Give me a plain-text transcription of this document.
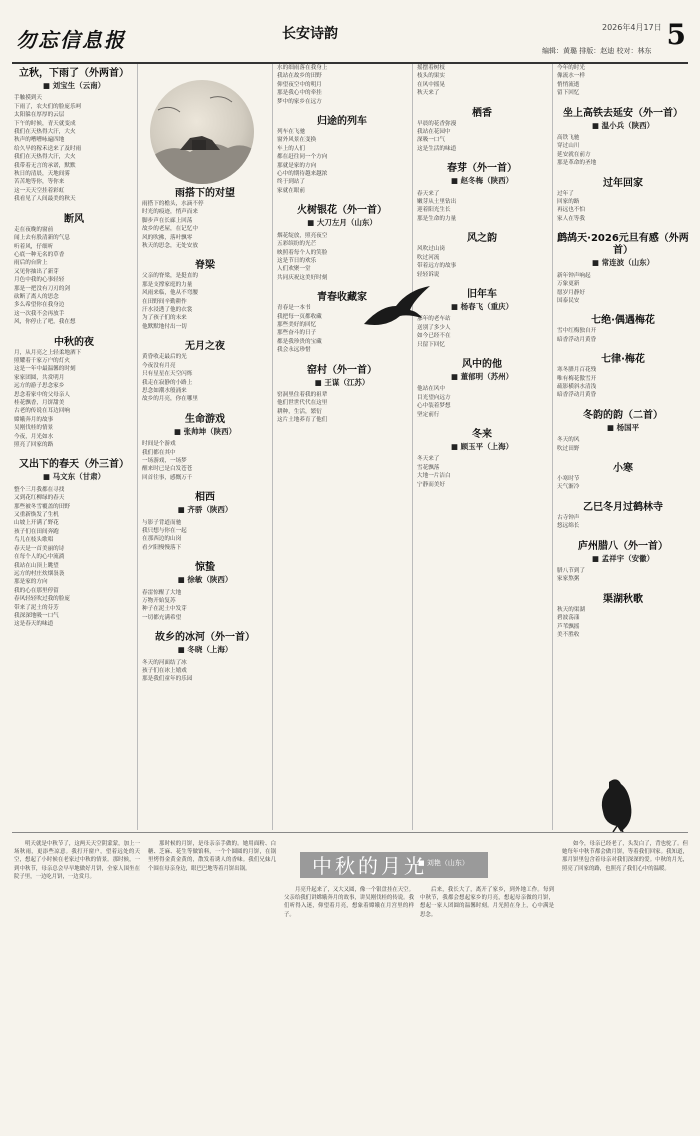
勿忘信息报	长安诗韵	2026年4月17日 5
编辑：黄璐 排版：赵迪 校对：林东
立秋，下雨了（外两首）
■ 刘宝生（云南）
手触摸到天
下雨了，农夫们的脸庞乐呵
太阳躲在厚厚的云层
下午的时候，青天就变成
我们在天热得大汗，大火
秋声的嘈嘈咏遍四地
给久旱的稼禾送来了及时雨
我们在天热得大汗，大火
我带着无言的承诺，默默
秋日的清晨，天地间雾
苦苦地等你，等你来
这一天天空挂着彩虹
我看见了人间最美的秋天
断风
走在夜晚的窗前
闻上去有股清新的气息
听着风，仔细听
心底一种无名的草香
雨后的台阶上
又见你抽出了新芽
月色中我的心事轻轻
那是一把没有刀刃的剑
砍断了离人的思念
多么希望你在我身边
这一次我不会再放手
风，你停止了吧，我在想
中秋的夜
月，从月亮之上轻柔地洒下
照耀着千家万户的灯火
这是一年中最温馨的时刻
家家团圆，共赏明月
远方的游子思念家乡
思念着家中的父母亲人
桂花飘香，月饼甜美
古老的传说在耳边回响
嫦娥奔月的故事
吴刚伐桂的情景
今夜，月光如水
照亮了回家的路
又出下的春天（外三首）
■ 马文东（甘肃）
整个三月我都在寻找
又到花红柳绿的春天
那些被冬雪覆盖的田野
又重新焕发了生机
山坡上开满了野花
孩子们在田间奔跑
鸟儿在枝头歌唱
春天是一首美丽的诗
在每个人的心中流淌
我站在山顶上眺望
远方的村庄炊烟袅袅
那是家的方向
我的心在那里停留
春风轻轻吹过我的脸庞
带来了泥土的芬芳
我深深地吸一口气
这是春天的味道
雨搭下的对望
雨搭下的檐头，水滴不停
时光的痕迹，悄声而来
脚步声在长廊上回荡
故乡的老屋，在记忆中
风的吹拂，落叶飘零
秋天的思念，无处安放
脊梁
父亲的脊梁，是挺直的
那是支撑家庭的力量
风雨来临，他从不弯腰
在田野间辛勤耕作
汗水浸透了他的衣裳
为了孩子们的未来
他默默地付出一切
无月之夜
黄昏收走最后的光
今夜没有月亮
只有星星在天空闪烁
我走在寂静的小路上
思念如潮水般涌来
故乡的月亮，你在哪里
生命游戏
■ 张帅坤（陕西）
时间是个游戏
我们都在其中
一场游戏，一场梦
醒来时已是白发苍苍
回首往事，感慨万千
相西
■ 齐骄（陕西）
与影子背道而驰
我只想与你在一起
在那西边的山岗
看夕阳慢慢落下
惊蛰
■ 徐敏（陕西）
春雷惊醒了大地
万物开始复苏
种子在泥土中发芽
一切都充满希望
故乡的冰河（外一首）
■ 冬晓（上海）
冬天的河面结了冰
孩子们在冰上嬉戏
那是我们童年的乐园
水的细雨落在我身上
我站在故乡的田野
仰望夜空中的明月
那是我心中的牵挂
梦中的家乡在远方
归途的列车
列车在飞驰
窗外风景在变换
车上的人们
都在赶往同一个方向
那就是家的方向
心中的期待越来越浓
终于到站了
家就在眼前
火树银花（外一首）
■ 大刀左月（山东）
烟花绽放，照亮夜空
五彩缤纷的光芒
映照着每个人的笑脸
这是节日的欢乐
人们欢聚一堂
共同庆祝这美好时刻
青春收藏家
青春是一本书
我把每一页都收藏
那些美好的回忆
那些奋斗的日子
都是我珍贵的宝藏
我会永远珍惜
窑村（外一首）
■ 王谋（江苏）
窑洞里住着我的祖辈
他们世世代代在这里
耕种，生活，繁衍
这片土地养育了他们
摇摆着树枝
枝头的果实
在风中摇晃
秋天来了
栖香
早晨的花香弥漫
我站在花园中
深吸一口气
这是生活的味道
春芽（外一首）
■ 赵冬梅（陕西）
春天来了
嫩芽从土里钻出
迎着阳光生长
那是生命的力量
风之韵
风吹过山岗
吹过河流
带着远方的故事
轻轻诉说
旧年车
■ 杨春飞（重庆）
那年的老车站
送别了多少人
如今已经不在
只留下回忆
风中的他
■ 董郁明（苏州）
他站在风中
目光望向远方
心中装着梦想
坚定前行
冬来
■ 顾玉平（上海）
冬天来了
雪花飘落
大地一片洁白
宁静而美好
今年的时光
像流水一样
悄悄流逝
留下回忆
坐上高铁去延安（外一首）
■ 温小兵（陕西）
高铁飞驰
穿过山川
延安就在前方
那是革命的圣地
过年回家
过年了
回家的路
再远也不怕
家人在等我
鹧鸪天·2026元旦有感（外两首）
■ 常连波（山东）
新年钟声响起
万象更新
愿岁月静好
国泰民安
七绝·偶遇梅花
雪中红梅独自开
暗香浮动月黄昏
七律·梅花
寒冬腊月百花残
唯有梅花傲雪开
疏影横斜水清浅
暗香浮动月黄昏
冬韵的韵（二首）
■ 杨国平
冬天的风
吹过田野
小寒
小寒时节
天气渐冷
乙巳冬月过鹤林寺
古寺钟声
悠远绵长
庐州腊八（外一首）
■ 孟祥宇（安徽）
腊八节到了
家家熬粥
渠湖秋歌
秋天的渠湖
碧波荡漾
芦苇飘摇
美不胜收
中秋的月光
■ 刘艳（山东）

明天就是中秋节了，这两天天空阴蒙蒙，加上一场秋雨，更添些凉意。我打开窗户，望着远处的天空，想起了小时候在老家过中秋的情景。那时候，一到中秋节，母亲总会早早地做好月饼，全家人围坐在院子里，一边吃月饼，一边赏月。

那时候的月饼，是母亲亲手做的。她用面粉、白糖、芝麻、花生等做馅料，一个个圆圆的月饼，在锅里烤得金黄金黄的，散发着诱人的香味。我们兄妹几个围在母亲身边，眼巴巴地等着月饼出锅。

月亮升起来了，又大又圆，像一个银盘挂在天空。父亲给我们讲嫦娥奔月的故事，讲吴刚伐桂的传说。我们听得入迷，仰望着月亮，想象着嫦娥在月宫里的样子。

后来，我长大了，离开了家乡，到外地工作。每到中秋节，我都会想起家乡的月亮，想起母亲做的月饼，想起一家人团圆的温馨时刻。月光照在身上，心中满是思念。

如今，母亲已经老了，头发白了，背也驼了。但她每年中秋节都会做月饼，等着我们回家。我知道，那月饼里包含着母亲对我们深深的爱。中秋的月光，照亮了回家的路，也照亮了我们心中的温暖。
